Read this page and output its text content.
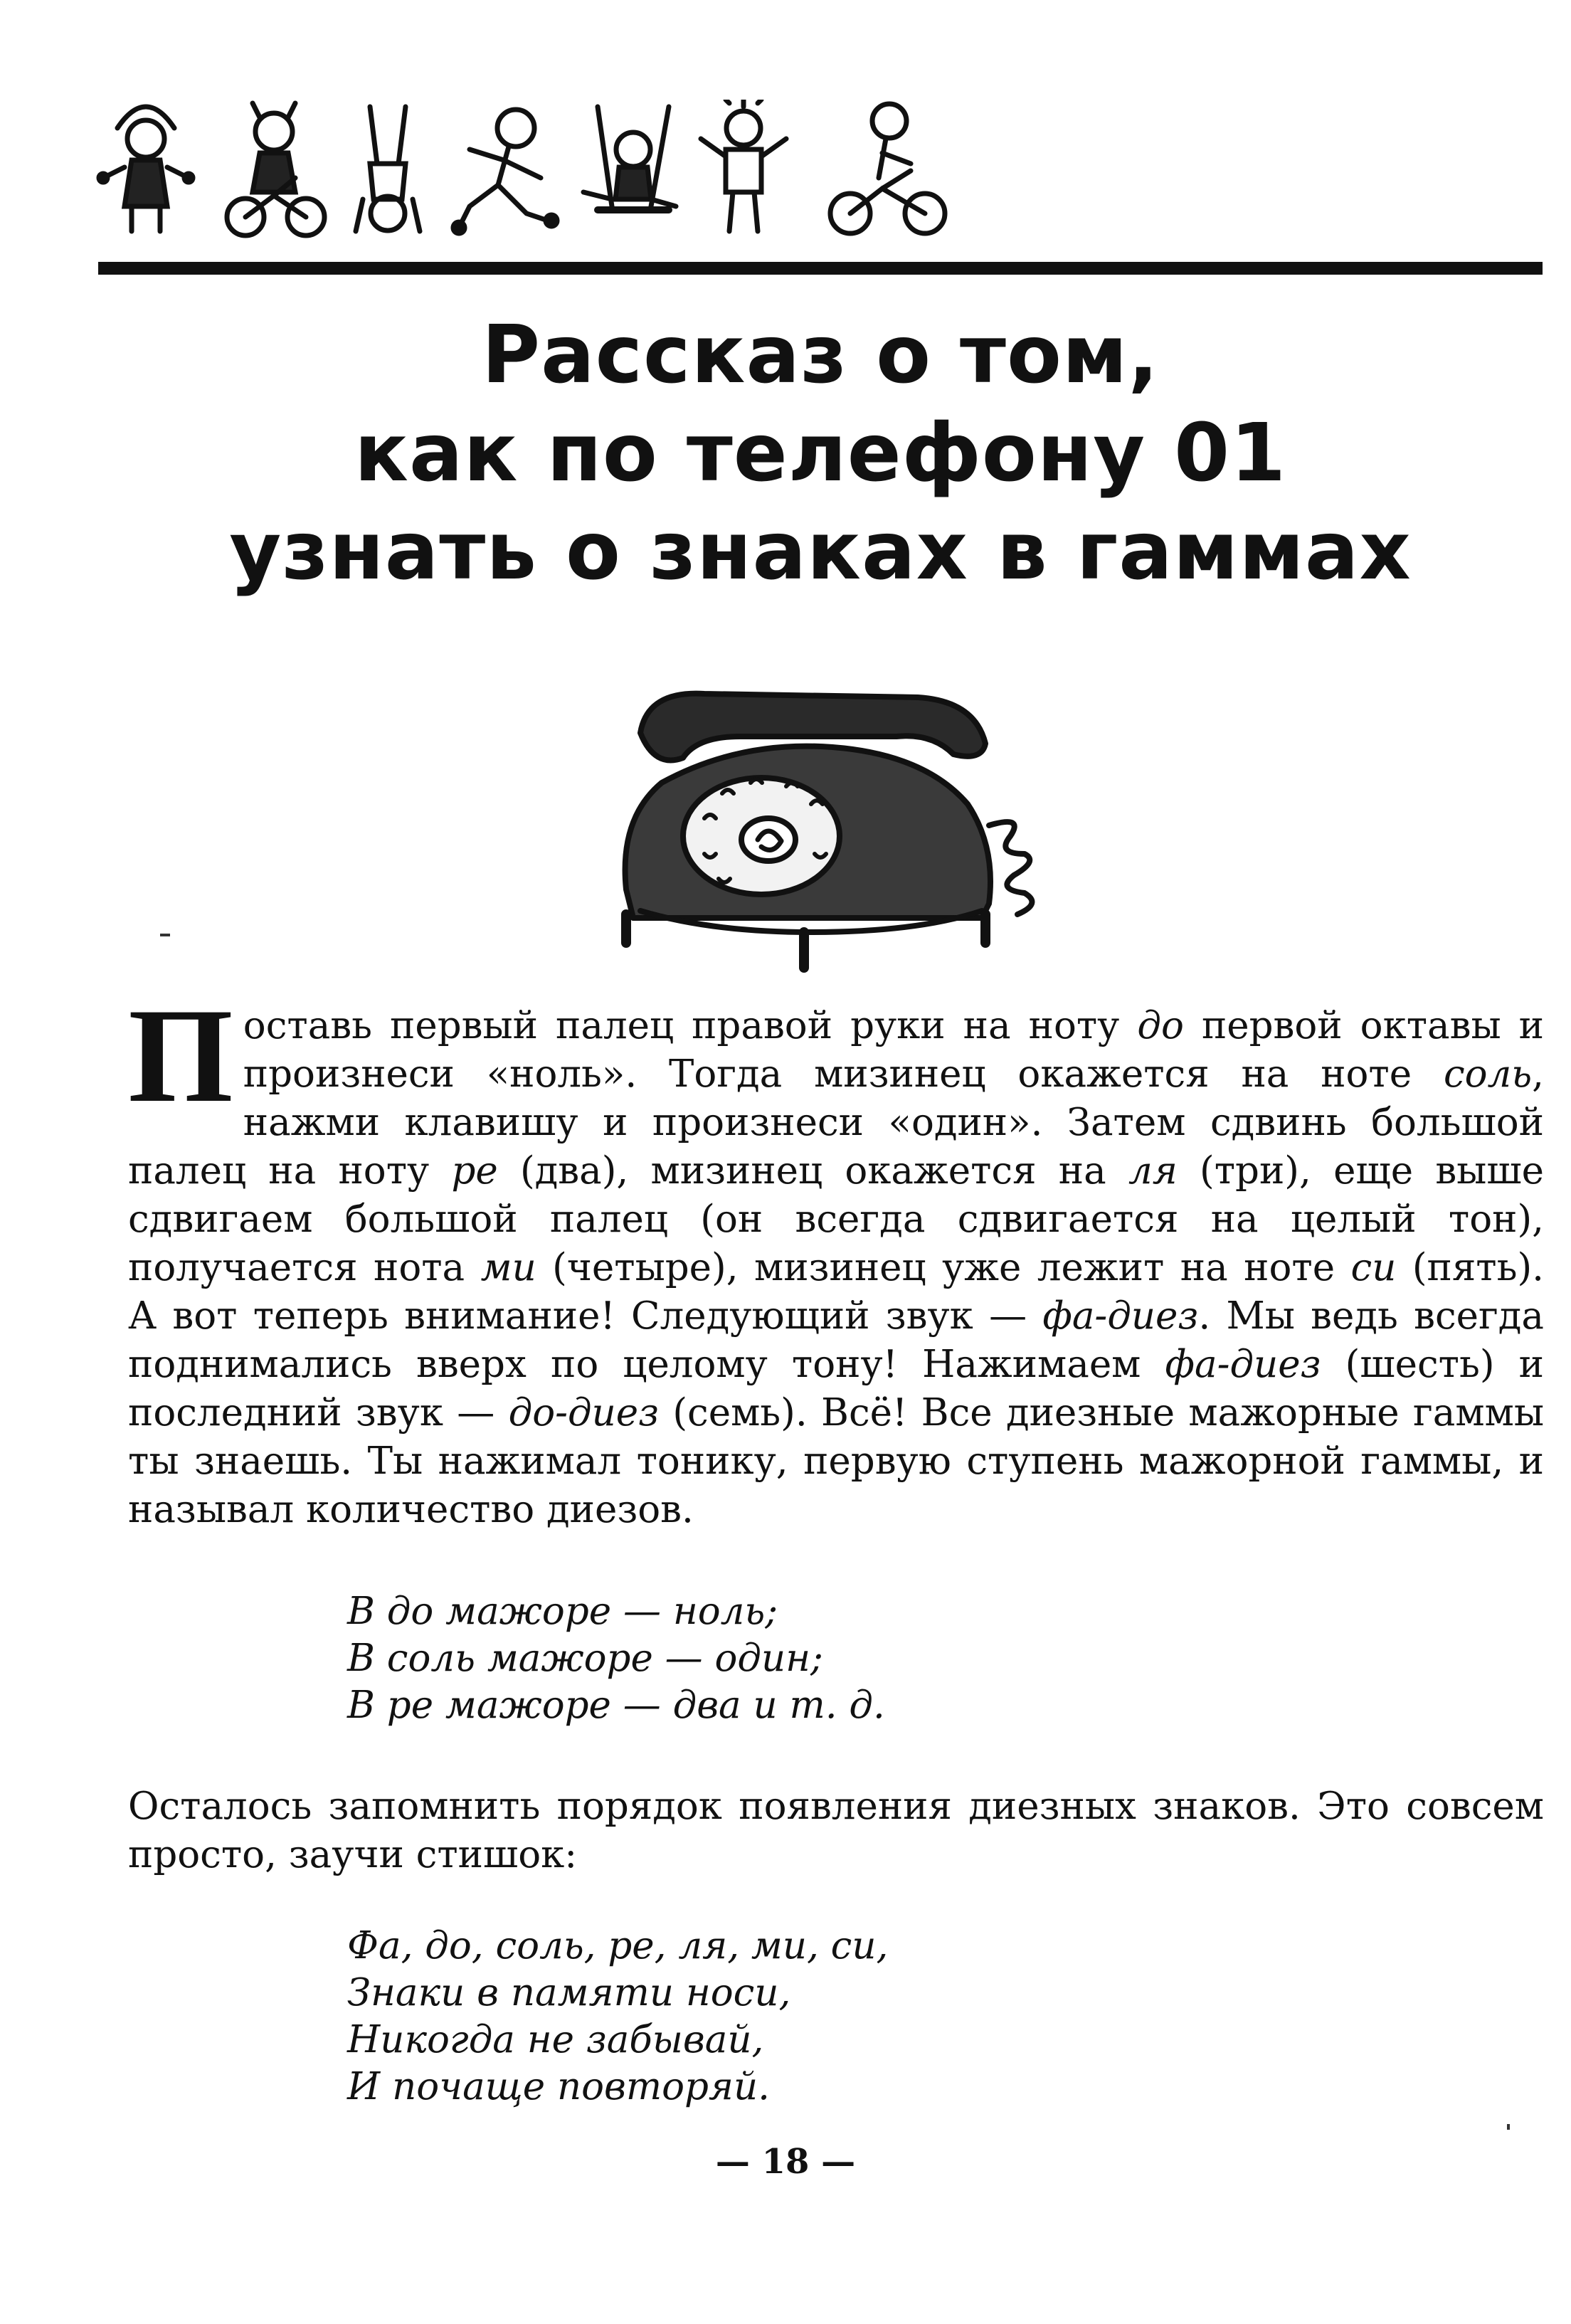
Рассказ о том,
как по телефону 01
узнать о знаках в гаммах

Поставь первый палец правой руки на ноту до первой октавы и произнеси «ноль». Тогда мизинец окажется на ноте соль, нажми клавишу и произнеси «один». Затем сдвинь большой палец на ноту ре (два), мизинец окажется на ля (три), еще выше сдвигаем большой палец (он всегда сдвигается на целый тон), получается нота ми (четыре), мизинец уже лежит на ноте си (пять). А вот теперь внимание! Следующий звук — фа-диез. Мы ведь всегда поднимались вверх по целому тону! Нажимаем фа-диез (шесть) и последний звук — до-диез (семь). Всё! Все диезные мажорные гаммы ты знаешь. Ты нажимал тонику, первую ступень мажорной гаммы, и называл количество диезов.

В до мажоре — ноль;
В соль мажоре — один;
В ре мажоре — два и т. д.

Осталось запомнить порядок появления диезных знаков. Это совсем просто, заучи стишок:

Фа, до, соль, ре, ля, ми, си,
Знаки в памяти носи,
Никогда не забывай,
И почаще повторяй.
— 18 —
